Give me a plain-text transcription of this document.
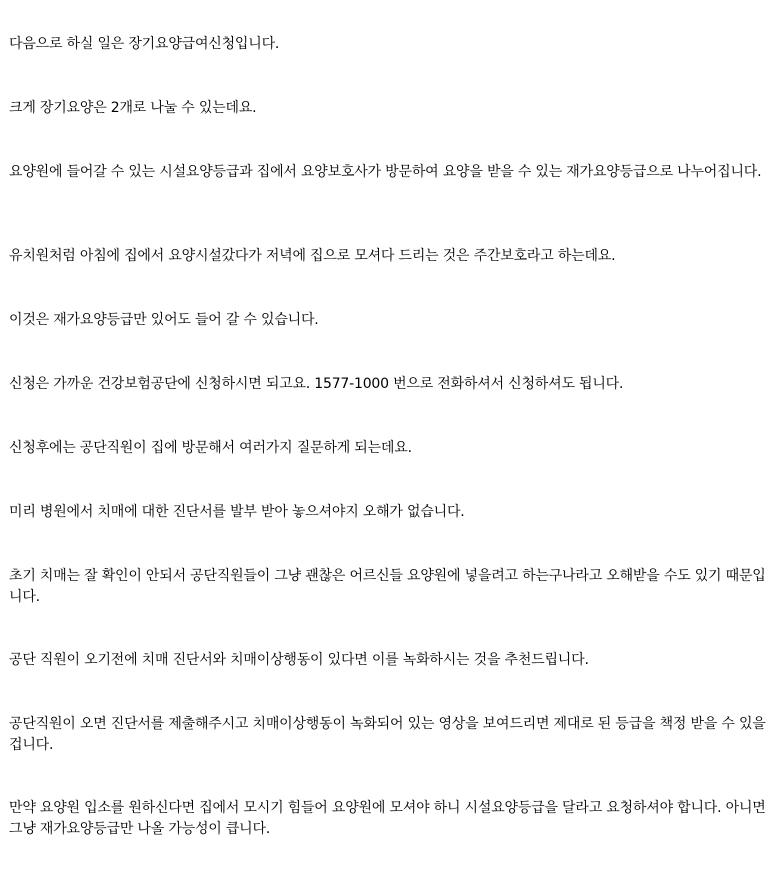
다음으로 하실 일은 장기요양급여신청입니다.

크게 장기요양은 2개로 나눌 수 있는데요.

요양원에 들어갈 수 있는 시설요양등급과 집에서 요양보호사가 방문하여 요양을 받을 수 있는 재가요양등급으로 나누어집니다.

유치원처럼 아침에 집에서 요양시설갔다가 저녁에 집으로 모셔다 드리는 것은 주간보호라고 하는데요.

이것은 재가요양등급만 있어도 들어 갈 수 있습니다.

신청은 가까운 건강보험공단에 신청하시면 되고요. 1577-1000 번으로 전화하셔서 신청하셔도 됩니다.

신청후에는 공단직원이 집에 방문해서 여러가지 질문하게 되는데요.

미리 병원에서 치매에 대한 진단서를 발부 받아 놓으셔야지 오해가 없습니다.

초기 치매는 잘 확인이 안되서 공단직원들이 그냥 괜찮은 어르신들 요양원에 넣을려고 하는구나라고 오해받을 수도 있기 때문입니다.

공단 직원이 오기전에 치매 진단서와 치매이상행동이 있다면 이를 녹화하시는 것을 추천드립니다.

공단직원이 오면 진단서를 제출해주시고 치매이상행동이 녹화되어 있는 영상을 보여드리면 제대로 된 등급을 책정 받을 수 있을 겁니다.

만약 요양원 입소를 원하신다면 집에서 모시기 힘들어 요양원에 모셔야 하니 시설요양등급을 달라고 요청하셔야 합니다. 아니면 그냥 재가요양등급만 나올 가능성이 큽니다.
